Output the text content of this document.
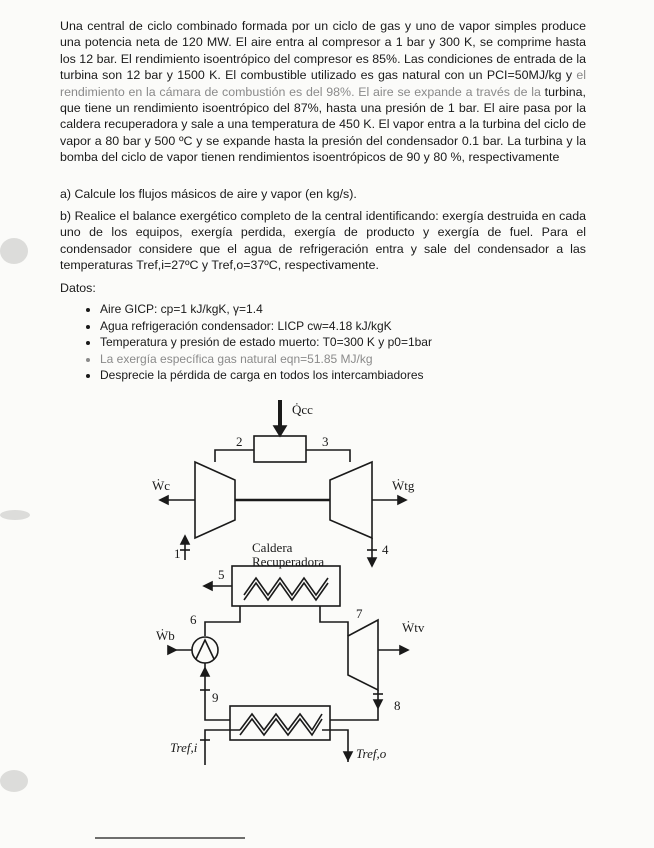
Una central de ciclo combinado formada por un ciclo de gas y uno de vapor simples produce una potencia neta de 120 MW. El aire entra al compresor a 1 bar y 300 K, se comprime hasta los 12 bar. El rendimiento isoentrópico del compresor es 85%. Las condiciones de entrada de la turbina son 12 bar y 1500 K. El combustible utilizado es gas natural con un PCI=50MJ/kg y el rendimiento en la cámara de combustión es del 98%. El aire se expande a través de la turbina, que tiene un rendimiento isoentrópico del 87%, hasta una presión de 1 bar. El aire pasa por la caldera recuperadora y sale a una temperatura de 450 K. El vapor entra a la turbina del ciclo de vapor a 80 bar y 500 ºC y se expande hasta la presión del condensador 0.1 bar. La turbina y la bomba del ciclo de vapor tienen rendimientos isoentrópicos de 90 y 80 %, respectivamente
a) Calcule los flujos másicos de aire y vapor (en kg/s).
b) Realice el balance exergético completo de la central identificando: exergía destruida en cada uno de los equipos, exergía perdida, exergía de producto y exergía de fuel. Para el condensador considere que el agua de refrigeración entra y sale del condensador a las temperaturas Tref,i=27ºC y Tref,o=37ºC, respectivamente.
Datos:
• Aire GICP: cp=1 kJ/kgK, γ=1.4
• Agua refrigeración condensador: LICP cw=4.18 kJ/kgK
• Temperatura y presión de estado muerto: T0=300 K y p0=1bar
• La exergía específica gas natural eqn=51.85 MJ/kg
• Desprecie la pérdida de carga en todos los intercambiadores
Q̇cc
2	3
Ẇc	Ẇtg
1	4
5
Caldera
Recuperadora
6	7
Ẇb
Ẇtv
9
8
Tref,i	Tref,o
